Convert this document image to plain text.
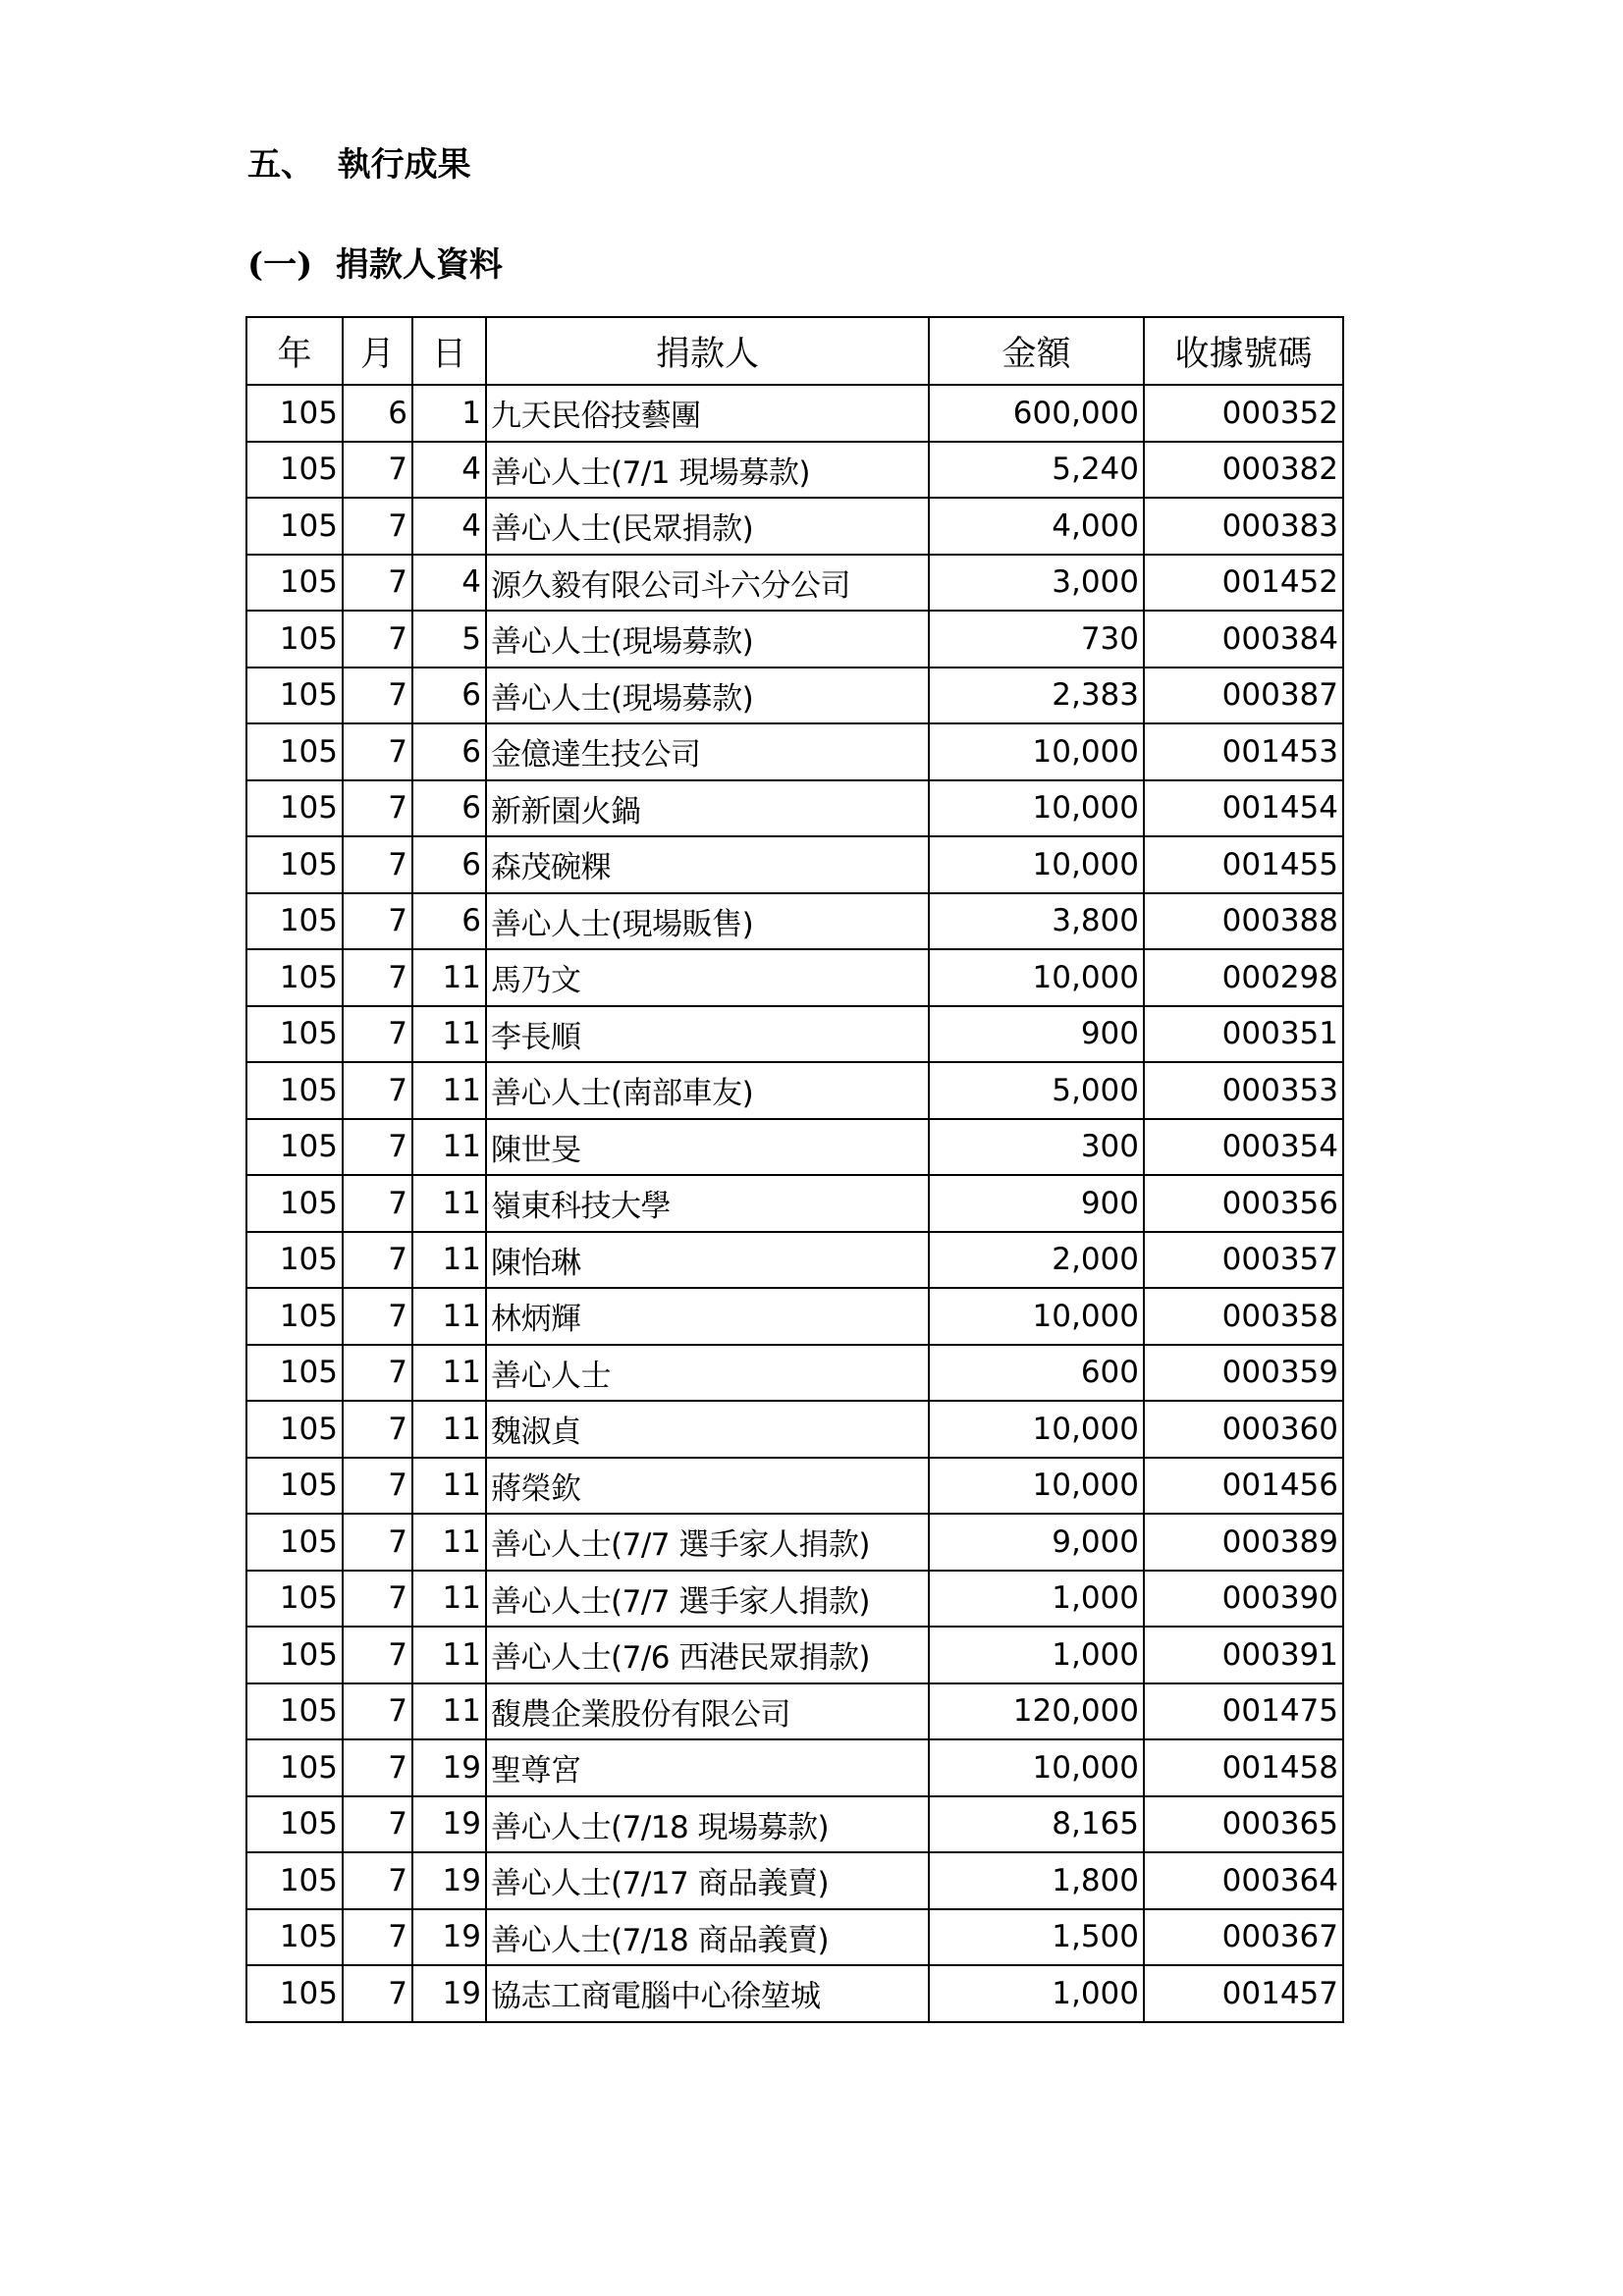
五、  執行成果
(一)  捐款人資料
年	月	日	捐款人	金額	收據號碼
105	6	1	九天民俗技藝團	600,000	000352
105	7	4	善心人士(7/1 現場募款)	5,240	000382
105	7	4	善心人士(民眾捐款)	4,000	000383
105	7	4	源久毅有限公司斗六分公司	3,000	001452
105	7	5	善心人士(現場募款)	730	000384
105	7	6	善心人士(現場募款)	2,383	000387
105	7	6	金億達生技公司	10,000	001453
105	7	6	新新園火鍋	10,000	001454
105	7	6	森茂碗粿	10,000	001455
105	7	6	善心人士(現場販售)	3,800	000388
105	7	11	馬乃文	10,000	000298
105	7	11	李長順	900	000351
105	7	11	善心人士(南部車友)	5,000	000353
105	7	11	陳世旻	300	000354
105	7	11	嶺東科技大學	900	000356
105	7	11	陳怡琳	2,000	000357
105	7	11	林炳輝	10,000	000358
105	7	11	善心人士	600	000359
105	7	11	魏淑貞	10,000	000360
105	7	11	蔣榮欽	10,000	001456
105	7	11	善心人士(7/7 選手家人捐款)	9,000	000389
105	7	11	善心人士(7/7 選手家人捐款)	1,000	000390
105	7	11	善心人士(7/6 西港民眾捐款)	1,000	000391
105	7	11	馥農企業股份有限公司	120,000	001475
105	7	19	聖尊宮	10,000	001458
105	7	19	善心人士(7/18 現場募款)	8,165	000365
105	7	19	善心人士(7/17 商品義賣)	1,800	000364
105	7	19	善心人士(7/18 商品義賣)	1,500	000367
105	7	19	協志工商電腦中心徐堃城	1,000	001457
